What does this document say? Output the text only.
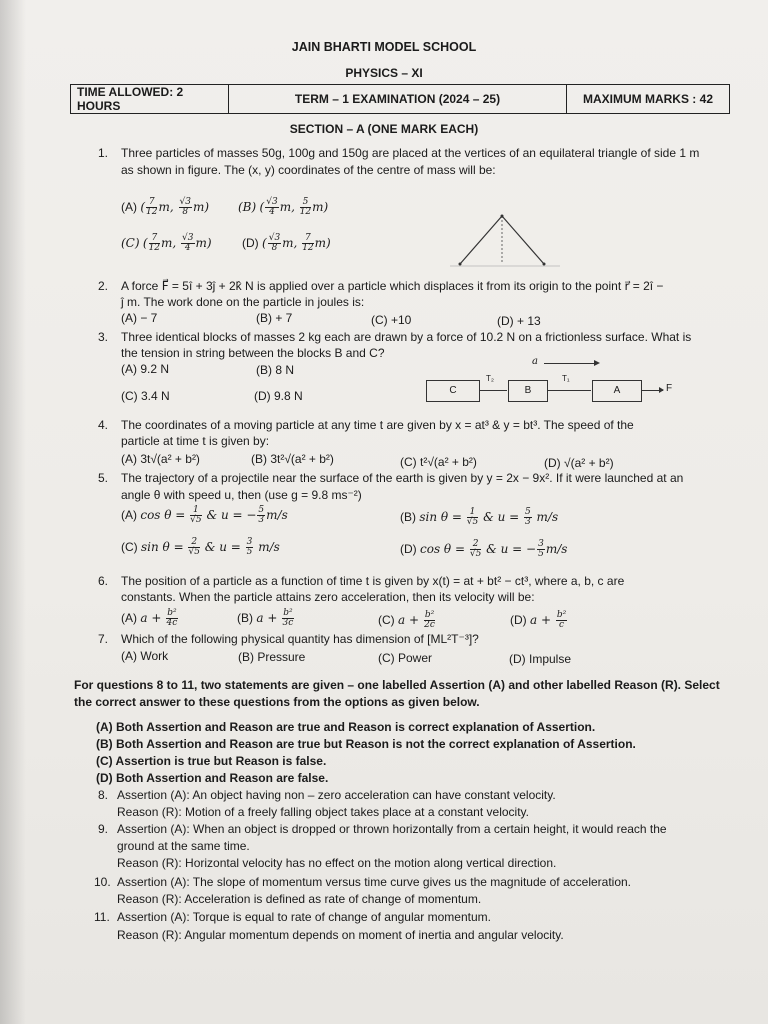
JAIN BHARTI MODEL SCHOOL
PHYSICS – XI
TIME ALLOWED: 2 HOURS	TERM – 1 EXAMINATION (2024 – 25)	MAXIMUM MARKS : 42
SECTION – A (ONE MARK EACH)
1. Three particles of masses 50g, 100g and 150g are placed at the vertices of an equilateral triangle of side 1 m
as shown in figure. The (x, y) coordinates of the centre of mass will be:
(A) ( $\frac{7}{12} m$, $\frac{√3}{8} m$) (B) ( $\frac{√3}{4} m$, $\frac{5}{12} m$)
(C) ( $\frac{7}{12} m$, $\frac{√3}{4} m$)	(D) ( $\frac{√3}{8} m$, $\frac{7}{12} m$)
2. A force F⃗ = 5î + 3ĵ + 2k̂ N is applied over a particle which displaces it from its origin to the point r⃗ = 2î −
ĵ m. The work done on the particle in joules is:
(A) − 7	(B) + 7	(C) +10	(D) + 13
3. Three identical blocks of masses 2 kg each are drawn by a force of 10.2 N on a frictionless surface. What is
the tension in string between the blocks B and C?
(A) 9.2 N	(B) 8 N
(C) 3.4 N	(D) 9.8 N
a
T₂	T₁
C	B	A	F
4. The coordinates of a moving particle at any time t are given by x = at³ & y = bt³. The speed of the
particle at time t is given by:
(A) 3t√(a² + b²)	(B) 3t²√(a² + b²)	(C) t²√(a² + b²)	(D) √(a² + b²)
5. The trajectory of a projectile near the surface of the earth is given by y = 2x − 9x². If it were launched at an
angle θ with speed u, then (use g = 9.8 ms⁻²)
(A) $\cos \theta = \frac{1}{√5}$ & u = − $\frac{5}{3} m/s$	(B) $\sin \theta = \frac{1}{√5}$ & $u = \frac{5}{3} m/s$
(C) $\sin \theta = \frac{2}{√5}$ & $u = \frac{3}{5} m/s$	(D) $\cos \theta = \frac{2}{√5}$ & u = − $\frac{3}{5} m/s$
6. The position of a particle as a function of time t is given by x(t) = at + bt² − ct³, where a, b, c are
constants. When the particle attains zero acceleration, then its velocity will be:
(A) $a + \frac{\text{b²}}{4c}$	(B) $a + \frac{\text{b²}}{3c}$	(C) $a + \frac{\text{b²}}{2c}$	(D) $a + \frac{\text{b²}}{c}$
7. Which of the following physical quantity has dimension of [ML²T⁻³]?
(A) Work	(B) Pressure	(C) Power	(D) Impulse
For questions 8 to 11, two statements are given – one labelled Assertion (A) and other labelled Reason (R). Select
the correct answer to these questions from the options as given below.
(A) Both Assertion and Reason are true and Reason is correct explanation of Assertion.
(B) Both Assertion and Reason are true but Reason is not the correct explanation of Assertion.
(C) Assertion is true but Reason is false.
(D) Both Assertion and Reason are false.
8. Assertion (A): An object having non – zero acceleration can have constant velocity.
Reason (R): Motion of a freely falling object takes place at a constant velocity.
9. Assertion (A): When an object is dropped or thrown horizontally from a certain height, it would reach the
ground at the same time.
Reason (R): Horizontal velocity has no effect on the motion along vertical direction.
10. Assertion (A): The slope of momentum versus time curve gives us the magnitude of acceleration.
Reason (R): Acceleration is defined as rate of change of momentum.
11. Assertion (A): Torque is equal to rate of change of angular momentum.
Reason (R): Angular momentum depends on moment of inertia and angular velocity.
